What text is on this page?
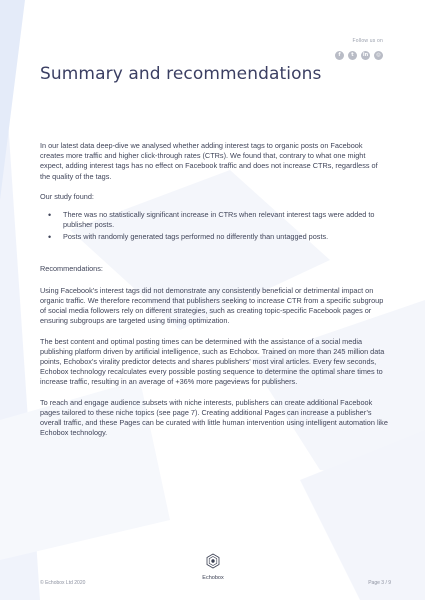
Follow us on
f	t	in	◎
Summary and recommendations

In our latest data deep-dive we analysed whether adding interest tags to organic posts on Facebook creates more traffic and higher click-through rates (CTRs). We found that, contrary to what one might expect, adding interest tags has no effect on Facebook traffic and does not increase CTRs, regardless of the quality of the tags.

Our study found:

• There was no statistically significant increase in CTRs when relevant interest tags were added to publisher posts.
• Posts with randomly generated tags performed no differently than untagged posts.

Recommendations:

Using Facebook’s interest tags did not demonstrate any consistently beneficial or detrimental impact on organic traffic. We therefore recommend that publishers seeking to increase CTR from a specific subgroup of social media followers rely on different strategies, such as creating topic-specific Facebook pages or ensuring subgroups are targeted using timing optimization.

The best content and optimal posting times can be determined with the assistance of a social media publishing platform driven by artificial intelligence, such as Echobox. Trained on more than 245 million data points, Echobox’s virality predictor detects and shares publishers’ most viral articles. Every few seconds, Echobox technology recalculates every possible posting sequence to determine the optimal share times to increase traffic, resulting in an average of +36% more pageviews for publishers.

To reach and engage audience subsets with niche interests, publishers can create additional Facebook pages tailored to these niche topics (see page 7). Creating additional Pages can increase a publisher’s overall traffic, and these Pages can be curated with little human intervention using intelligent automation like Echobox technology.

Echobox
© Echobox Ltd 2020	Page 3 / 9
